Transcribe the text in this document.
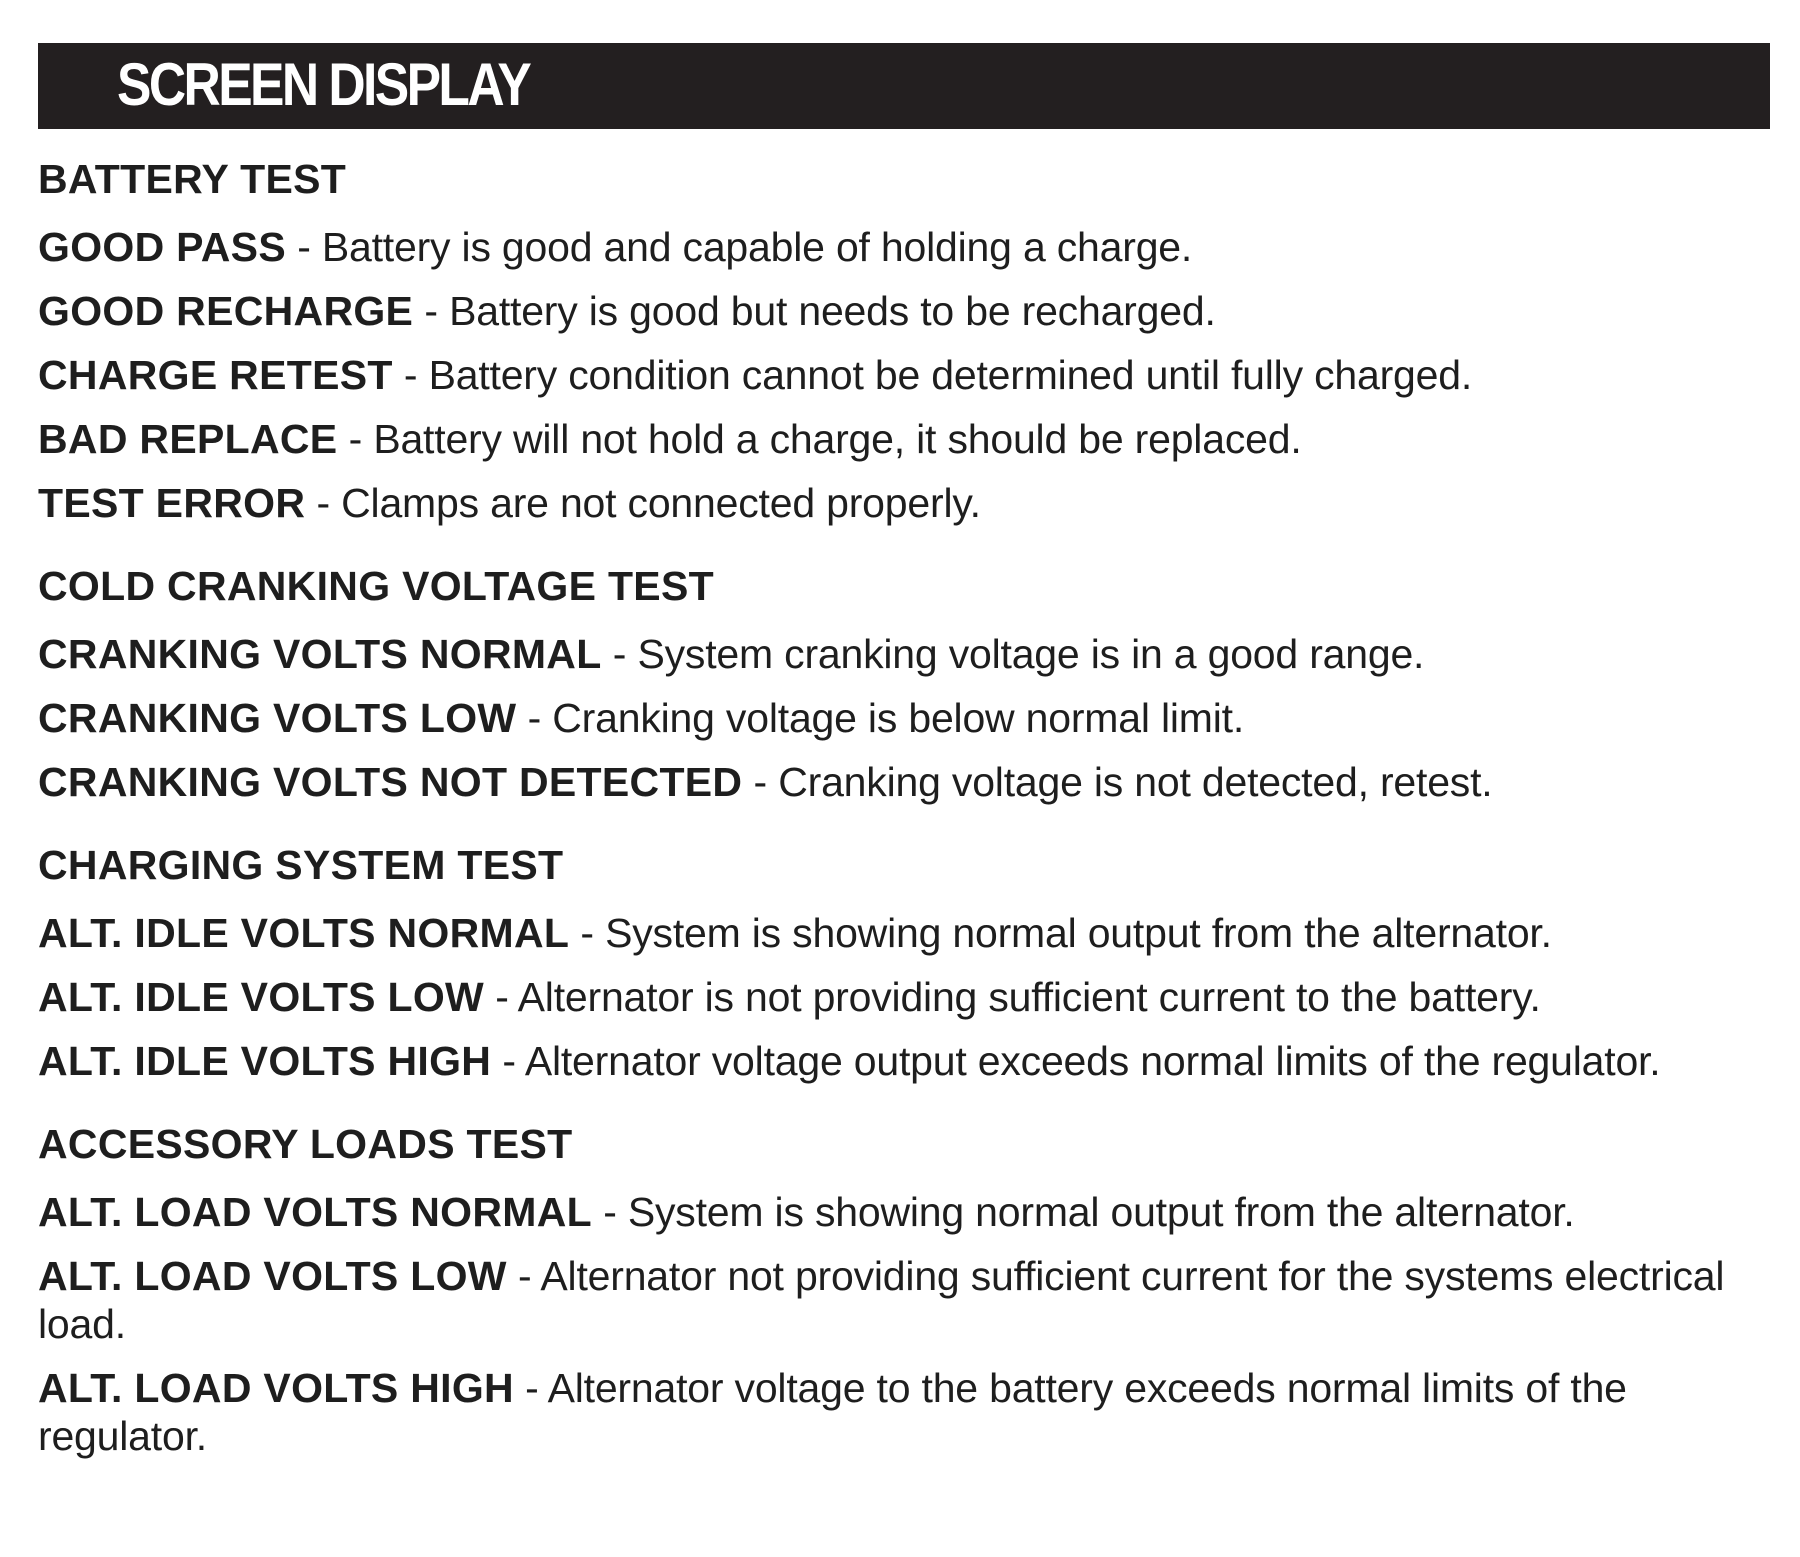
SCREEN DISPLAY
BATTERY TEST
GOOD PASS - Battery is good and capable of holding a charge.
GOOD RECHARGE - Battery is good but needs to be recharged.
CHARGE RETEST - Battery condition cannot be determined until fully charged.
BAD REPLACE - Battery will not hold a charge, it should be replaced.
TEST ERROR - Clamps are not connected properly.
COLD CRANKING VOLTAGE TEST
CRANKING VOLTS NORMAL - System cranking voltage is in a good range.
CRANKING VOLTS LOW - Cranking voltage is below normal limit.
CRANKING VOLTS NOT DETECTED - Cranking voltage is not detected, retest.
CHARGING SYSTEM TEST
ALT. IDLE VOLTS NORMAL - System is showing normal output from the alternator.
ALT. IDLE VOLTS LOW - Alternator is not providing sufficient current to the battery.
ALT. IDLE VOLTS HIGH - Alternator voltage output exceeds normal limits of the regulator.
ACCESSORY LOADS TEST
ALT. LOAD VOLTS NORMAL - System is showing normal output from the alternator.
ALT. LOAD VOLTS LOW - Alternator not providing sufficient current for the systems electrical load.
ALT. LOAD VOLTS HIGH - Alternator voltage to the battery exceeds normal limits of the regulator.
